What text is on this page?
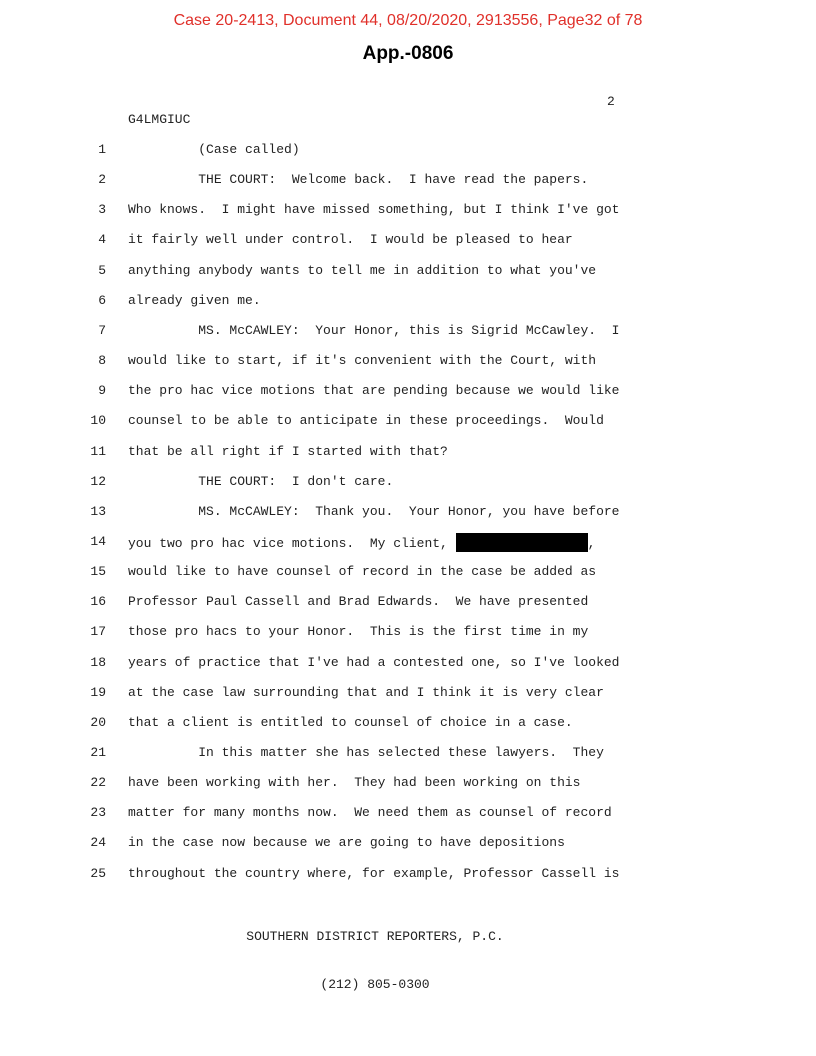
Case 20-2413, Document 44, 08/20/2020, 2913556, Page32 of 78
App.-0806
2
G4LMGIUC
1 (Case called)
2 THE COURT:  Welcome back.  I have read the papers.
3 Who knows.  I might have missed something, but I think I've got
4 it fairly well under control.  I would be pleased to hear
5 anything anybody wants to tell me in addition to what you've
6 already given me.
7 MS. McCAWLEY:  Your Honor, this is Sigrid McCawley.  I
8 would like to start, if it's convenient with the Court, with
9 the pro hac vice motions that are pending because we would like
10 counsel to be able to anticipate in these proceedings.  Would
11 that be all right if I started with that?
12 THE COURT:  I don't care.
13 MS. McCAWLEY:  Thank you.  Your Honor, you have before
14 you two pro hac vice motions.  My client,	,
15 would like to have counsel of record in the case be added as
16 Professor Paul Cassell and Brad Edwards.  We have presented
17 those pro hacs to your Honor.  This is the first time in my
18 years of practice that I've had a contested one, so I've looked
19 at the case law surrounding that and I think it is very clear
20 that a client is entitled to counsel of choice in a case.
21 In this matter she has selected these lawyers.  They
22 have been working with her.  They had been working on this
23 matter for many months now.  We need them as counsel of record
24 in the case now because we are going to have depositions
25 throughout the country where, for example, Professor Cassell is

SOUTHERN DISTRICT REPORTERS, P.C.

(212) 805-0300
